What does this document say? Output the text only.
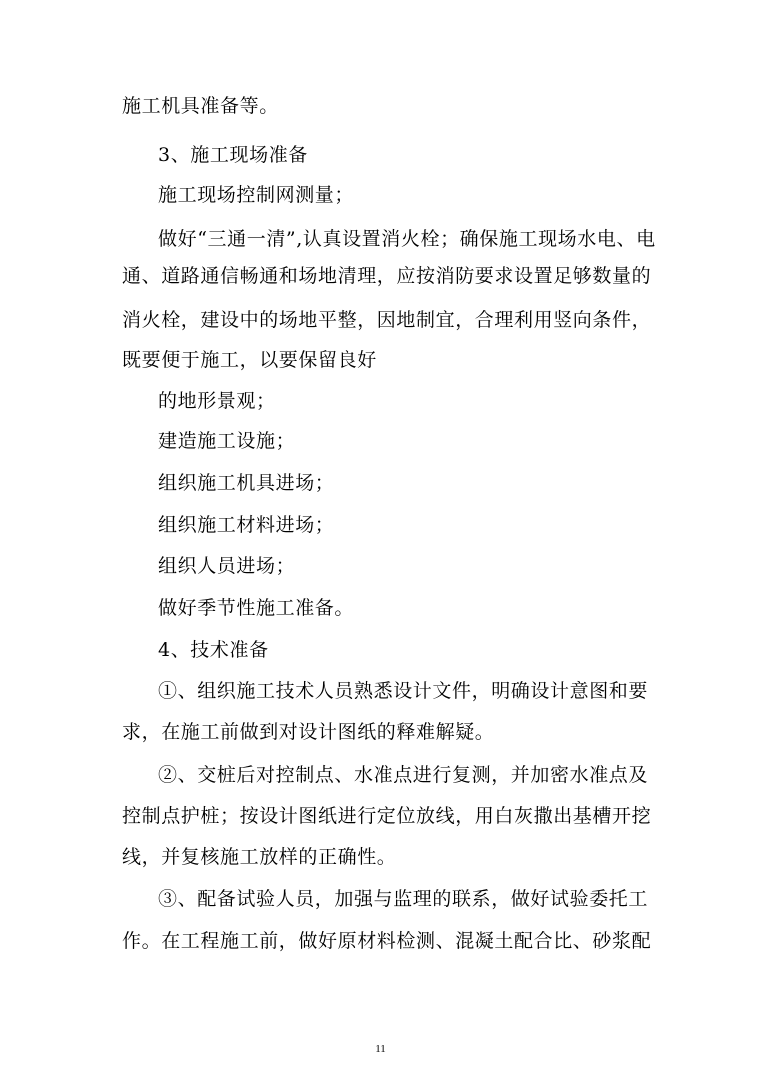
施工机具准备等。
3、施工现场准备
施工现场控制网测量；
做好“三通一清”,认真设置消火栓；确保施工现场水电、电
通、道路通信畅通和场地清理，应按消防要求设置足够数量的
消火栓，建设中的场地平整，因地制宜，合理利用竖向条件，
既要便于施工，以要保留良好
的地形景观；
建造施工设施；
组织施工机具进场；
组织施工材料进场；
组织人员进场；
做好季节性施工准备。
4、技术准备
①、组织施工技术人员熟悉设计文件，明确设计意图和要
求，在施工前做到对设计图纸的释难解疑。
②、交桩后对控制点、水准点进行复测，并加密水准点及
控制点护桩；按设计图纸进行定位放线，用白灰撒出基槽开挖
线，并复核施工放样的正确性。
③、配备试验人员，加强与监理的联系，做好试验委托工
作。在工程施工前，做好原材料检测、混凝土配合比、砂浆配
11
